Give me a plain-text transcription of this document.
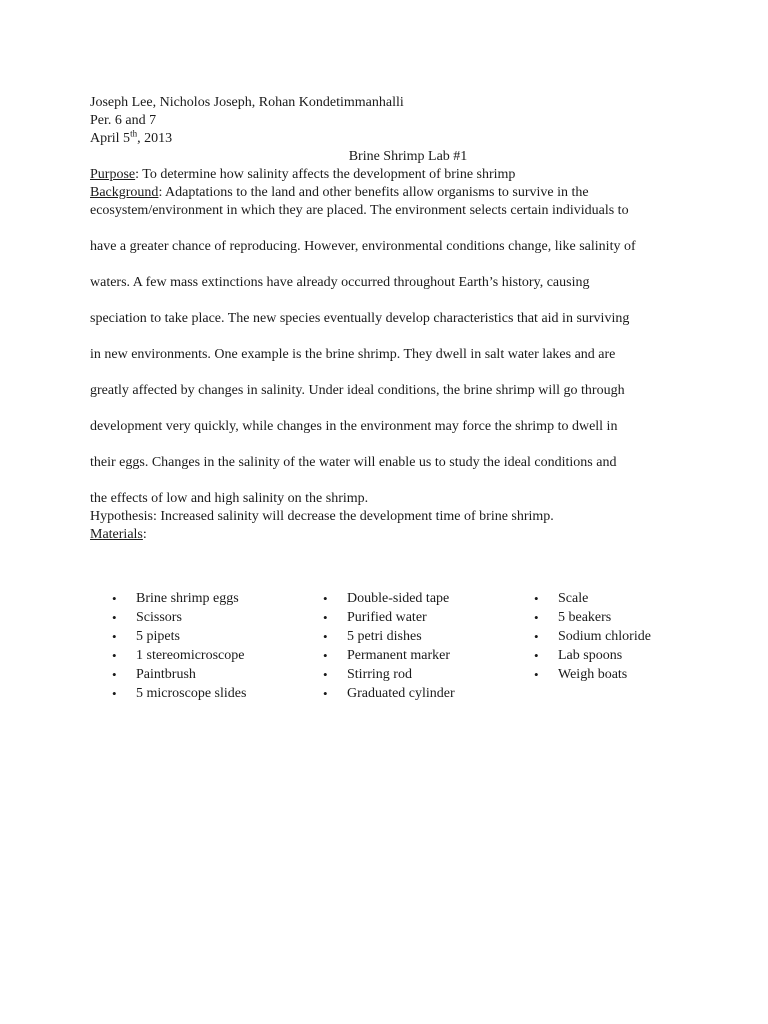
Joseph Lee, Nicholos Joseph, Rohan Kondetimmanhalli
Per. 6 and 7
April 5th, 2013
Brine Shrimp Lab #1
Purpose: To determine how salinity affects the development of brine shrimp
Background: Adaptations to the land and other benefits allow organisms to survive in the
ecosystem/environment in which they are placed. The environment selects certain individuals to
have a greater chance of reproducing. However, environmental conditions change, like salinity of
waters. A few mass extinctions have already occurred throughout Earth’s history, causing
speciation to take place. The new species eventually develop characteristics that aid in surviving
in new environments. One example is the brine shrimp. They dwell in salt water lakes and are
greatly affected by changes in salinity. Under ideal conditions, the brine shrimp will go through
development very quickly, while changes in the environment may force the shrimp to dwell in
their eggs. Changes in the salinity of the water will enable us to study the ideal conditions and
the effects of low and high salinity on the shrimp.
Hypothesis: Increased salinity will decrease the development time of brine shrimp.
Materials:
• Brine shrimp eggs
• Scissors
• 5 pipets
• 1 stereomicroscope
• Paintbrush
• 5 microscope slides
• Double-sided tape
• Purified water
• 5 petri dishes
• Permanent marker
• Stirring rod
• Graduated cylinder
• Scale
• 5 beakers
• Sodium chloride
• Lab spoons
• Weigh boats
